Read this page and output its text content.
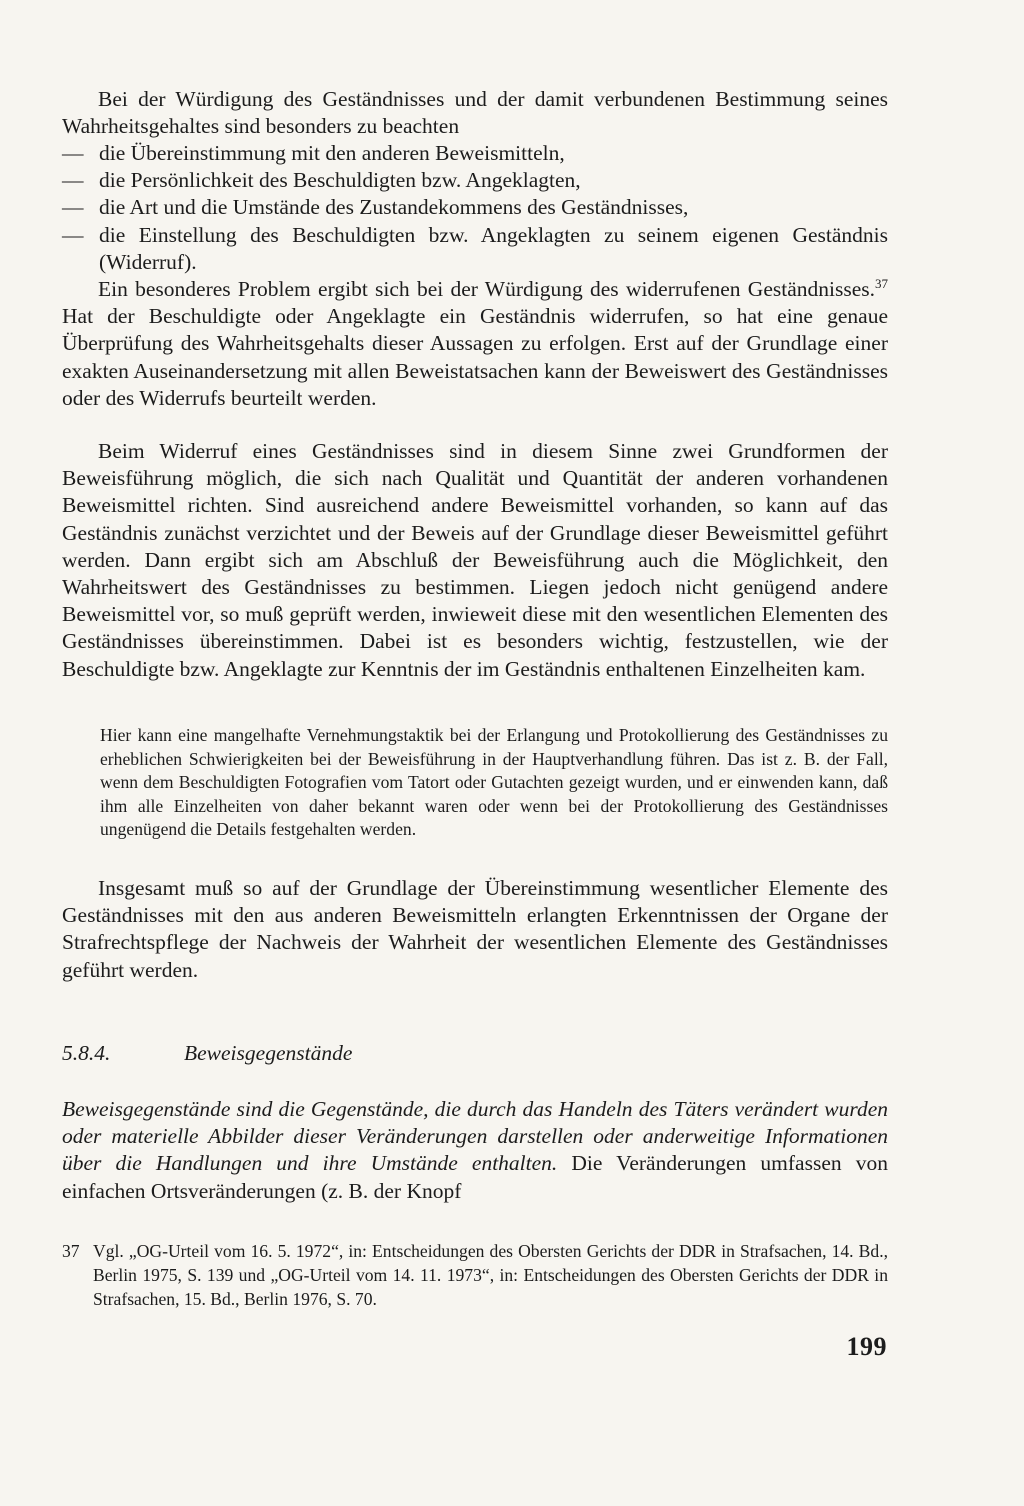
Bei der Würdigung des Geständnisses und der damit verbundenen Bestimmung seines Wahrheitsgehaltes sind besonders zu beachten

— die Übereinstimmung mit den anderen Beweismitteln,
— die Persönlichkeit des Beschuldigten bzw. Angeklagten,
— die Art und die Umstände des Zustandekommens des Geständnisses,
— die Einstellung des Beschuldigten bzw. Angeklagten zu seinem eigenen Geständnis (Widerruf).

Ein besonderes Problem ergibt sich bei der Würdigung des widerrufenen Geständnisses.$^{37}$ Hat der Beschuldigte oder Angeklagte ein Geständnis widerrufen, so hat eine genaue Überprüfung des Wahrheitsgehalts dieser Aussagen zu erfolgen. Erst auf der Grundlage einer exakten Auseinandersetzung mit allen Beweistatsachen kann der Beweiswert des Geständnisses oder des Widerrufs beurteilt werden.

Beim Widerruf eines Geständnisses sind in diesem Sinne zwei Grundformen der Beweisführung möglich, die sich nach Qualität und Quantität der anderen vorhandenen Beweismittel richten. Sind ausreichend andere Beweismittel vorhanden, so kann auf das Geständnis zunächst verzichtet und der Beweis auf der Grundlage dieser Beweismittel geführt werden. Dann ergibt sich am Abschluß der Beweisführung auch die Möglichkeit, den Wahrheitswert des Geständnisses zu bestimmen. Liegen jedoch nicht genügend andere Beweismittel vor, so muß geprüft werden, inwieweit diese mit den wesentlichen Elementen des Geständnisses übereinstimmen. Dabei ist es besonders wichtig, festzustellen, wie der Beschuldigte bzw. Angeklagte zur Kenntnis der im Geständnis enthaltenen Einzelheiten kam.

Hier kann eine mangelhafte Vernehmungstaktik bei der Erlangung und Protokollierung des Geständnisses zu erheblichen Schwierigkeiten bei der Beweisführung in der Hauptverhandlung führen. Das ist z. B. der Fall, wenn dem Beschuldigten Fotografien vom Tatort oder Gutachten gezeigt wurden, und er einwenden kann, daß ihm alle Einzelheiten von daher bekannt waren oder wenn bei der Protokollierung des Geständnisses ungenügend die Details festgehalten werden.

Insgesamt muß so auf der Grundlage der Übereinstimmung wesentlicher Elemente des Geständnisses mit den aus anderen Beweismitteln erlangten Erkenntnissen der Organe der Strafrechtspflege der Nachweis der Wahrheit der wesentlichen Elemente des Geständnisses geführt werden.

5.8.4.	Beweisgegenstände

Beweisgegenstände sind die Gegenstände, die durch das Handeln des Täters verändert wurden oder materielle Abbilder dieser Veränderungen darstellen oder anderweitige Informationen über die Handlungen und ihre Umstände enthalten. Die Veränderungen umfassen von einfachen Ortsveränderungen (z. B. der Knopf

37 Vgl. „OG-Urteil vom 16. 5. 1972“, in: Entscheidungen des Obersten Gerichts der DDR in Strafsachen, 14. Bd., Berlin 1975, S. 139 und „OG-Urteil vom 14. 11. 1973“, in: Entscheidungen des Obersten Gerichts der DDR in Strafsachen, 15. Bd., Berlin 1976, S. 70.
199
